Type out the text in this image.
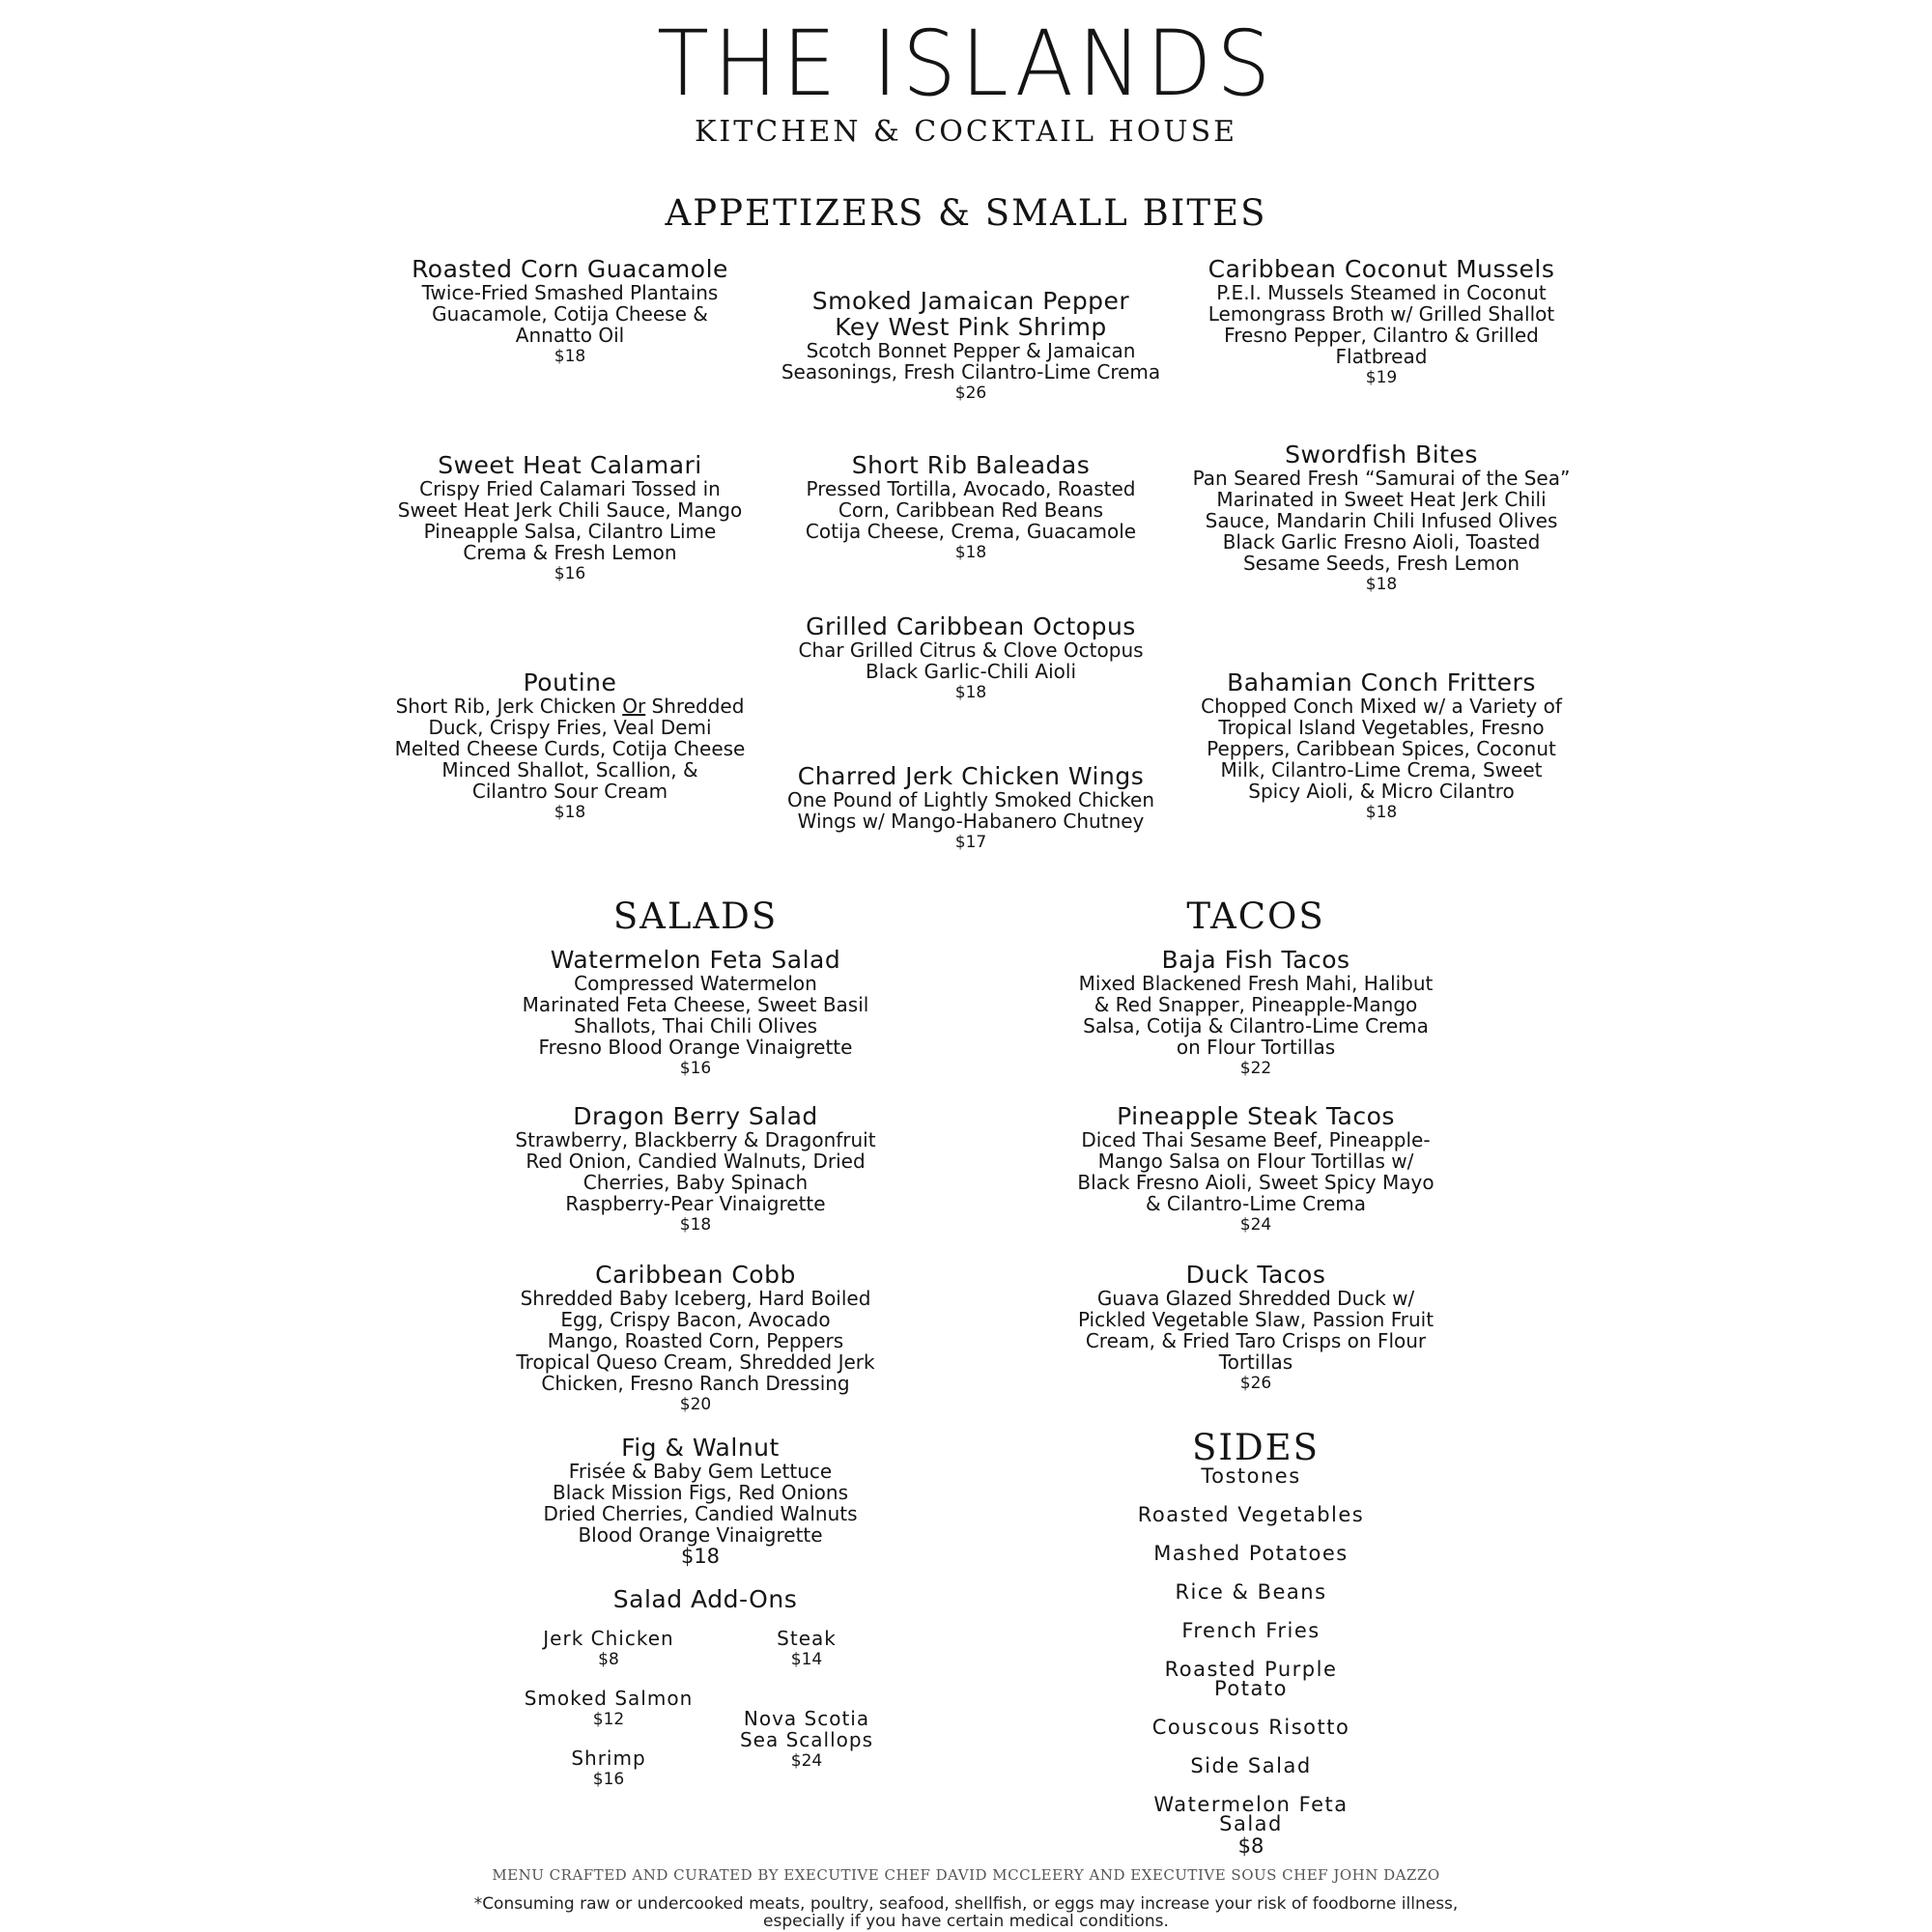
THE ISLANDS
KITCHEN & COCKTAIL HOUSE
APPETIZERS & SMALL BITES
Roasted Corn Guacamole
Twice-Fried Smashed Plantains
Guacamole, Cotija Cheese &
Annatto Oil
$18
Smoked Jamaican Pepper
Key West Pink Shrimp
Scotch Bonnet Pepper & Jamaican
Seasonings, Fresh Cilantro-Lime Crema
$26
Caribbean Coconut Mussels
P.E.I. Mussels Steamed in Coconut
Lemongrass Broth w/ Grilled Shallot
Fresno Pepper, Cilantro & Grilled
Flatbread
$19
Sweet Heat Calamari
Crispy Fried Calamari Tossed in
Sweet Heat Jerk Chili Sauce, Mango
Pineapple Salsa, Cilantro Lime
Crema & Fresh Lemon
$16
Short Rib Baleadas
Pressed Tortilla, Avocado, Roasted
Corn, Caribbean Red Beans
Cotija Cheese, Crema, Guacamole
$18
Swordfish Bites
Pan Seared Fresh “Samurai of the Sea”
Marinated in Sweet Heat Jerk Chili
Sauce, Mandarin Chili Infused Olives
Black Garlic Fresno Aioli, Toasted
Sesame Seeds, Fresh Lemon
$18
Grilled Caribbean Octopus
Char Grilled Citrus & Clove Octopus
Black Garlic-Chili Aioli
$18
Poutine
Short Rib, Jerk Chicken Or Shredded
Duck, Crispy Fries, Veal Demi
Melted Cheese Curds, Cotija Cheese
Minced Shallot, Scallion, &
Cilantro Sour Cream
$18
Bahamian Conch Fritters
Chopped Conch Mixed w/ a Variety of
Tropical Island Vegetables, Fresno
Peppers, Caribbean Spices, Coconut
Milk, Cilantro-Lime Crema, Sweet
Spicy Aioli, & Micro Cilantro
$18
Charred Jerk Chicken Wings
One Pound of Lightly Smoked Chicken
Wings w/ Mango-Habanero Chutney
$17
SALADS
Watermelon Feta Salad
Compressed Watermelon
Marinated Feta Cheese, Sweet Basil
Shallots, Thai Chili Olives
Fresno Blood Orange Vinaigrette
$16
Dragon Berry Salad
Strawberry, Blackberry & Dragonfruit
Red Onion, Candied Walnuts, Dried
Cherries, Baby Spinach
Raspberry-Pear Vinaigrette
$18
Caribbean Cobb
Shredded Baby Iceberg, Hard Boiled
Egg, Crispy Bacon, Avocado
Mango, Roasted Corn, Peppers
Tropical Queso Cream, Shredded Jerk
Chicken, Fresno Ranch Dressing
$20
Fig & Walnut
Frisée & Baby Gem Lettuce
Black Mission Figs, Red Onions
Dried Cherries, Candied Walnuts
Blood Orange Vinaigrette
$18
Salad Add-Ons
Jerk Chicken
$8
Steak
$14
Smoked Salmon
$12	Nova Scotia
Sea Scallops
$24
Shrimp
$16
TACOS
Baja Fish Tacos
Mixed Blackened Fresh Mahi, Halibut
& Red Snapper, Pineapple-Mango
Salsa, Cotija & Cilantro-Lime Crema
on Flour Tortillas
$22
Pineapple Steak Tacos
Diced Thai Sesame Beef, Pineapple-
Mango Salsa on Flour Tortillas w/
Black Fresno Aioli, Sweet Spicy Mayo
& Cilantro-Lime Crema
$24
Duck Tacos
Guava Glazed Shredded Duck w/
Pickled Vegetable Slaw, Passion Fruit
Cream, & Fried Taro Crisps on Flour
Tortillas
$26
SIDES
Tostones
Roasted Vegetables
Mashed Potatoes
Rice & Beans
French Fries
Roasted Purple
Potato
Couscous Risotto
Side Salad
Watermelon Feta
Salad
$8
MENU CRAFTED AND CURATED BY EXECUTIVE CHEF DAVID MCCLEERY AND EXECUTIVE SOUS CHEF JOHN DAZZO
*Consuming raw or undercooked meats, poultry, seafood, shellfish, or eggs may increase your risk of foodborne illness,
especially if you have certain medical conditions.
